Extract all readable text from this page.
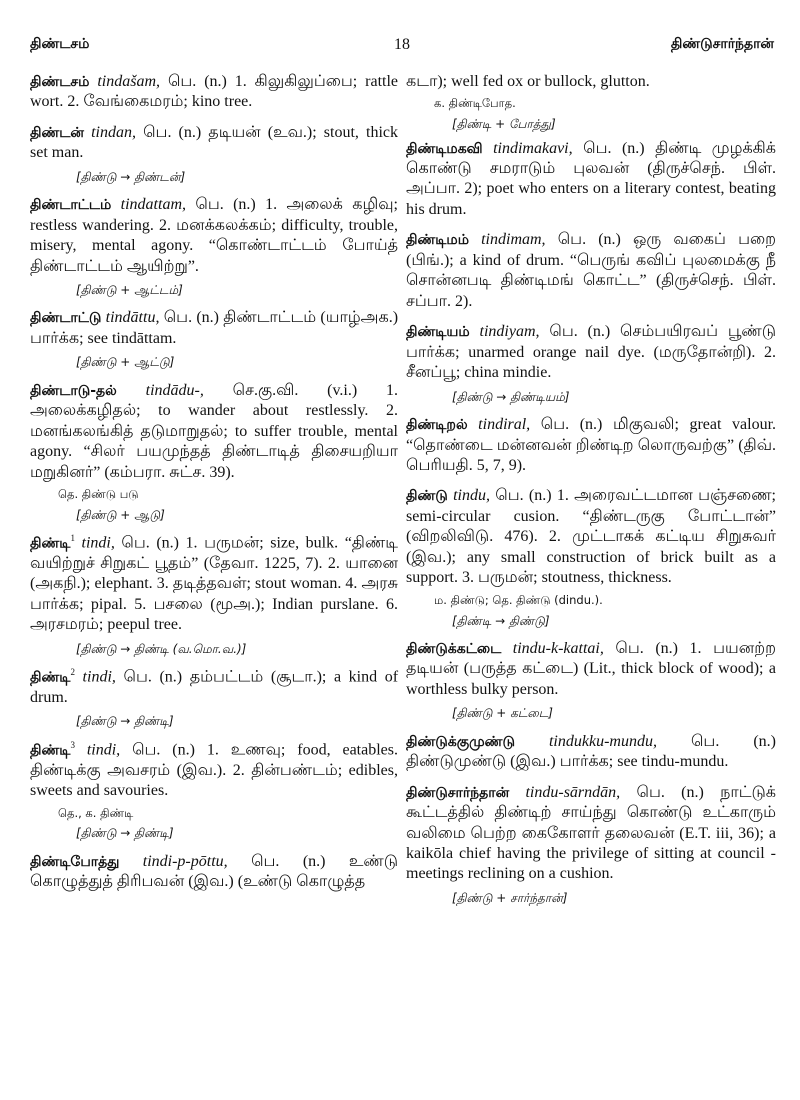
திண்டசம்	18	திண்டுசார்ந்தான்
திண்டசம் tindašam, பெ. (n.) 1. கிலுகிலுப்பை; rattle wort. 2. வேங்கைமரம்; kino tree.
திண்டன் tindan, பெ. (n.) தடியன் (உவ.); stout, thick set man.
[திண்டு → திண்டன்]
திண்டாட்டம் tindattam, பெ. (n.) 1. அலைக் கழிவு; restless wandering. 2. மனக்கலக்கம்; difficulty, trouble, misery, mental agony. “கொண்டாட்டம் போய்த் திண்டாட்டம் ஆயிற்று”.
[திண்டு + ஆட்டம்]
திண்டாட்டு tindāttu, பெ. (n.) திண்டாட்டம் (யாழ்அக.) பார்க்க; see tindāttam.
[திண்டு + ஆட்டு]
திண்டாடு-தல் tindādu-, செ.கு.வி. (v.i.) 1. அலைக்கழிதல்; to wander about restlessly. 2. மனங்கலங்கித் தடுமாறுதல்; to suffer trouble, mental agony. “சிலர் பயமுந்தத் திண்டாடித் திசையறியா மறுகினர்” (கம்பரா. சுட்ச. 39).
தெ. திண்டு படு
[திண்டு + ஆடு]
திண்டி$^1$ tindi, பெ. (n.) 1. பருமன்; size, bulk. “திண்டி வயிற்றுச் சிறுகட் பூதம்” (தேவா. 1225, 7). 2. யானை (அகநி.); elephant. 3. தடித்தவள்; stout woman. 4. அரசு பார்க்க; pipal. 5. பசலை (மூஅ.); Indian purslane. 6. அரசமரம்; peepul tree.
[திண்டு → திண்டி (வ.மொ.வ.)]
திண்டி$^2$ tindi, பெ. (n.) தம்பட்டம் (சூடா.); a kind of drum.
[திண்டு → திண்டி]
திண்டி$^3$ tindi, பெ. (n.) 1. உணவு; food, eatables. திண்டிக்கு அவசரம் (இவ.). 2. தின்பண்டம்; edibles, sweets and savouries.
தெ., க. திண்டி
[திண்டு → திண்டி]
திண்டிபோத்து tindi-p-pōttu, பெ. (n.) உண்டு கொழுத்துத் திரிபவன் (இவ.) (உண்டு கொழுத்த
கடா); well fed ox or bullock, glutton.
க. திண்டிபோத.
[திண்டி + போத்து]
திண்டிமகவி tindimakavi, பெ. (n.) திண்டி முழக்கிக் கொண்டு சமராடும் புலவன் (திருச்செந். பிள். அப்பா. 2); poet who enters on a literary contest, beating his drum.
திண்டிமம் tindimam, பெ. (n.) ஒரு வகைப் பறை (பிங்.); a kind of drum. “பெருங் கவிப் புலமைக்கு நீ சொன்னபடி திண்டிமங் கொட்ட” (திருச்செந். பிள். சப்பா. 2).
திண்டியம் tindiyam, பெ. (n.) செம்பயிரவப் பூண்டு பார்க்க; unarmed orange nail dye. (மருதோன்றி). 2. சீனப்பூ; china mindie.
[திண்டு → திண்டியம்]
திண்டிறல் tindiral, பெ. (n.) மிகுவலி; great valour. “தொண்டை மன்னவன் றிண்டிற லொருவற்கு” (திவ். பெரியதி. 5, 7, 9).
திண்டு tindu, பெ. (n.) 1. அரைவட்டமான பஞ்சணை; semi-circular cusion. “திண்டருகு போட்டான்” (விறலிவிடு. 476). 2. முட்டாகக் கட்டிய சிறுசுவர் (இவ.); any small construction of brick built as a support. 3. பருமன்; stoutness, thickness.
ம. திண்டு; தெ. திண்டு (dindu.).
[திண்டி → திண்டு]
திண்டுக்கட்டை tindu-k-kattai, பெ. (n.) 1. பயனற்ற தடியன் (பருத்த கட்டை) (Lit., thick block of wood); a worthless bulky person.
[திண்டு + கட்டை]
திண்டுக்குமுண்டு tindukku-mundu, பெ. (n.) திண்டுமுண்டு (இவ.) பார்க்க; see tindu-mundu.
திண்டுசார்ந்தான் tindu-sārndān, பெ. (n.) நாட்டுக் கூட்டத்தில் திண்டிற் சாய்ந்து கொண்டு உட்காரும் வலிமை பெற்ற கைகோளர் தலைவன் (E.T. iii, 36); a kaikōla chief having the privilege of sitting at council - meetings reclining on a cushion.
[திண்டு + சார்ந்தான்]
